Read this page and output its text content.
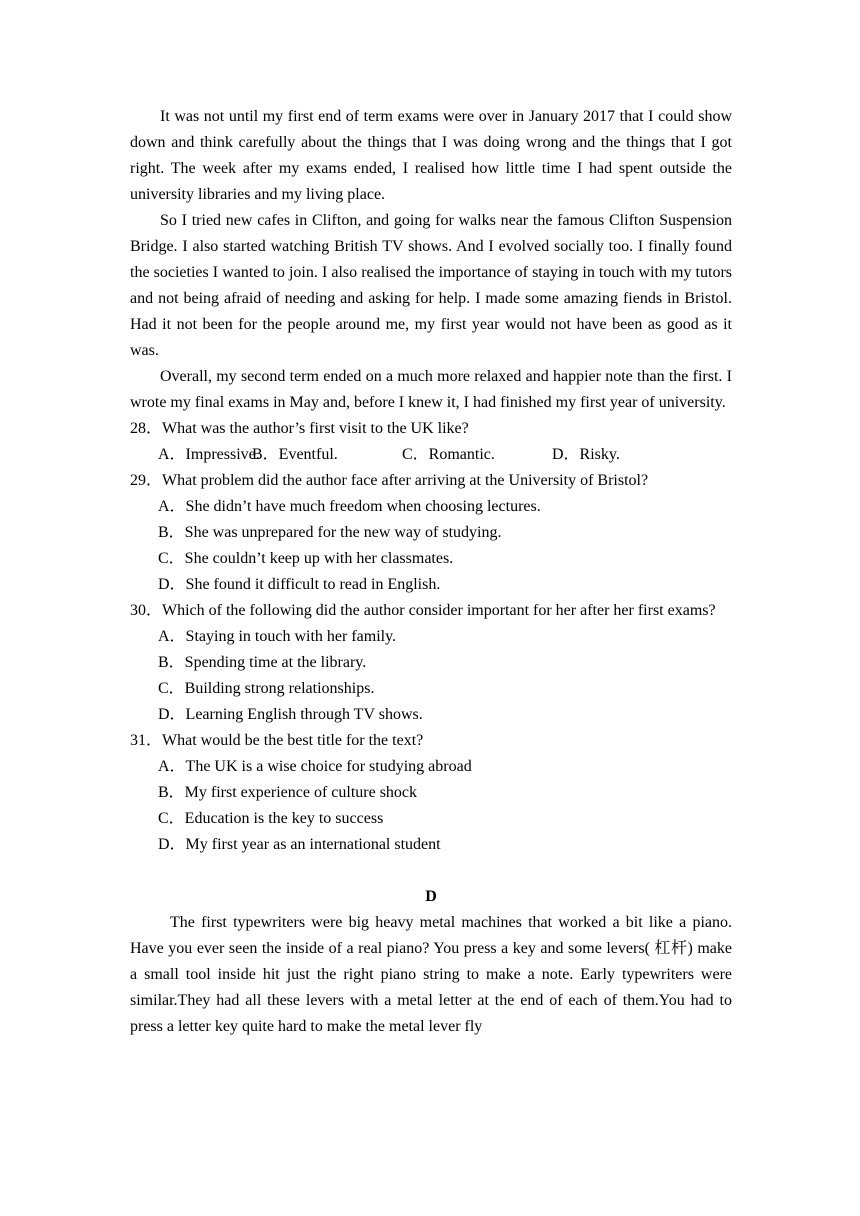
It was not until my first end of term exams were over in January 2017 that I could show down and think carefully about the things that I was doing wrong and the things that I got right. The week after my exams ended, I realised how little time I had spent outside the university libraries and my living place.

So I tried new cafes in Clifton, and going for walks near the famous Clifton Suspension Bridge. I also started watching British TV shows. And I evolved socially too. I finally found the societies I wanted to join. I also realised the importance of staying in touch with my tutors and not being afraid of needing and asking for help. I made some amazing fiends in Bristol. Had it not been for the people around me, my first year would not have been as good as it was.

Overall, my second term ended on a much more relaxed and happier note than the first. I wrote my final exams in May and, before I knew it, I had finished my first year of university.

28．What was the author’s first visit to the UK like?

A．Impressive.B．Eventful.	C．Romantic.	D．Risky.

29．What problem did the author face after arriving at the University of Bristol?

A．She didn’t have much freedom when choosing lectures.

B．She was unprepared for the new way of studying.

C．She couldn’t keep up with her classmates.

D．She found it difficult to read in English.

30．Which of the following did the author consider important for her after her first exams?

A．Staying in touch with her family.

B．Spending time at the library.

C．Building strong relationships.

D．Learning English through TV shows.

31．What would be the best title for the text?

A．The UK is a wise choice for studying abroad

B．My first experience of culture shock

C．Education is the key to success

D．My first year as an international student

D

The first typewriters were big heavy metal machines that worked a bit like a piano. Have you ever seen the inside of a real piano? You press a key and some levers( 杠杆) make a small tool inside hit just the right piano string to make a note. Early typewriters were similar.They had all these levers with a metal letter at the end of each of them.You had to press a letter key quite hard to make the metal lever fly
